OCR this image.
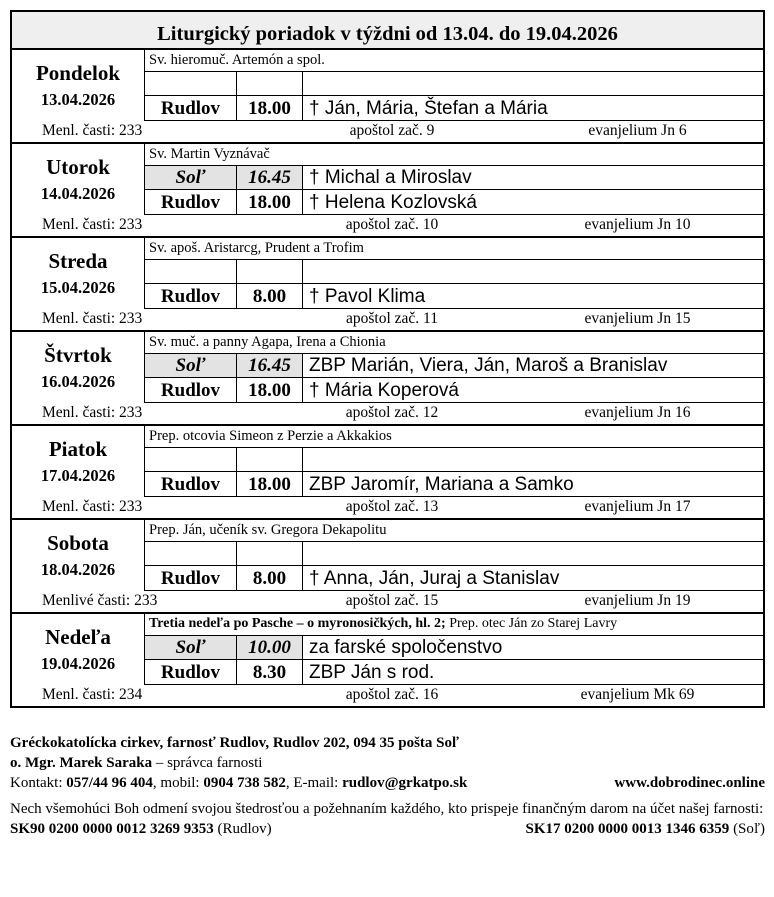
Liturgický poriadok v týždni od 13.04. do 19.04.2026
Pondelok
13.04.2026
Sv. hieromuč. Artemón a spol.
Rudlov	18.00 † Ján, Mária, Štefan a Mária
Menl. časti: 233	apoštol zač. 9	evanjelium Jn 6
Utorok
14.04.2026
Sv. Martin Vyznávač
Soľ	16.45 † Michal a Miroslav
Rudlov	18.00 † Helena Kozlovská
Menl. časti: 233	apoštol zač. 10	evanjelium Jn 10
Streda
15.04.2026
Sv. apoš. Aristarcg, Prudent a Trofim
Rudlov	8.00	† Pavol Klima
Menl. časti: 233	apoštol zač. 11	evanjelium Jn 15
Štvrtok
16.04.2026
Sv. muč. a panny Agapa, Irena a Chionia
Soľ	16.45 ZBP Marián, Viera, Ján, Maroš a Branislav
Rudlov	18.00 † Mária Koperová
Menl. časti: 233	apoštol zač. 12	evanjelium Jn 16
Piatok
17.04.2026
Prep. otcovia Simeon z Perzie a Akkakios
Rudlov	18.00 ZBP Jaromír, Mariana a Samko
Menl. časti: 233	apoštol zač. 13	evanjelium Jn 17
Sobota
18.04.2026
Prep. Ján, učeník sv. Gregora Dekapolitu
Rudlov	8.00	† Anna, Ján, Juraj a Stanislav
Menlivé časti: 233	apoštol zač. 15	evanjelium Jn 19
Nedeľa
19.04.2026
Tretia nedeľa po Pasche – o myronosičkých, hl. 2; Prep. otec Ján zo Starej Lavry
Soľ	10.00 za farské spoločenstvo
Rudlov	8.30	ZBP Ján s rod.
Menl. časti: 234	apoštol zač. 16	evanjelium Mk 69
Gréckokatolícka cirkev, farnosť Rudlov, Rudlov 202, 094 35 pošta Soľ
o. Mgr. Marek Saraka – správca farnosti
Kontakt: 057/44 96 404, mobil: 0904 738 582, E-mail: rudlov@grkatpo.sk	www.dobrodinec.online
Nech všemohúci Boh odmení svojou štedrosťou a požehnaním každého, kto prispeje finančným darom na účet našej farnosti:
SK90 0200 0000 0012 3269 9353 (Rudlov)	SK17 0200 0000 0013 1346 6359 (Soľ)
